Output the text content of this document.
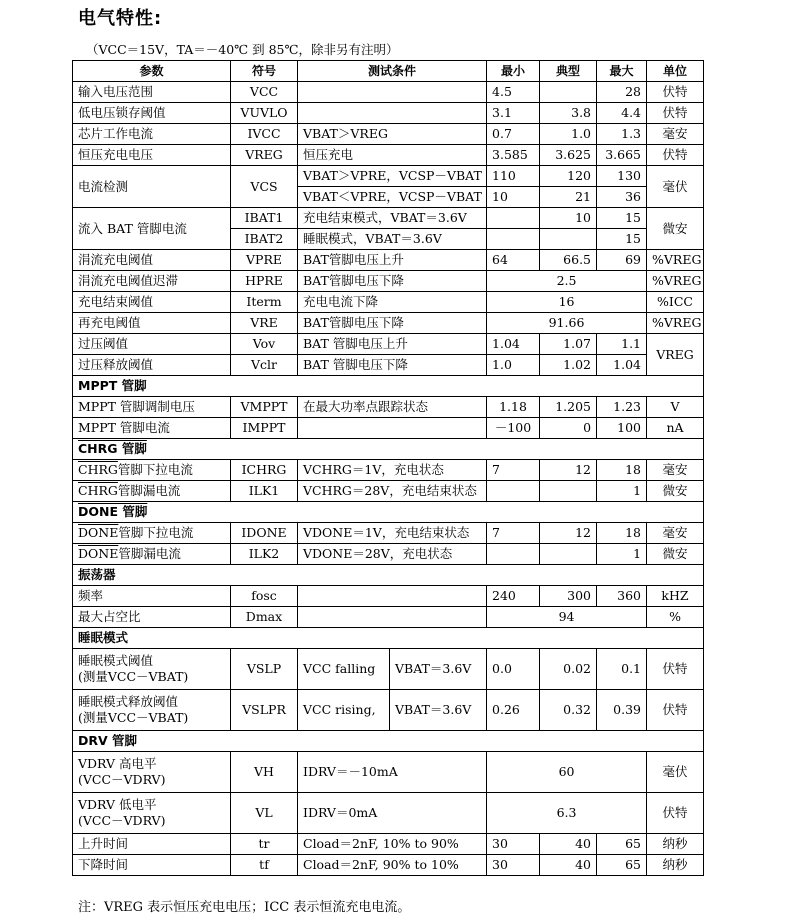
电气特性:
（VCC＝15V，TA＝－40℃ 到 85℃，除非另有注明）
参数	符号	测试条件		最小	典型	最大	单位
输入电压范围	VCC			4.5		28	伏特
低电压锁存阈值	VUVLO			3.1	3.8	4.4	伏特
芯片工作电流	IVCC	VBAT＞VREG		0.7	1.0	1.3	毫安
恒压充电电压	VREG	恒压充电		3.585	3.625	3.665	伏特
电流检测	VCS	VBAT＞VPRE，VCSP－VBAT		110	120	130	毫伏
		VBAT＜VPRE，VCSP－VBAT		10	21	36	
流入 BAT 管脚电流	IBAT1	充电结束模式，VBAT＝3.6V			10	15	微安
	IBAT2	睡眠模式，VBAT＝3.6V				15	
涓流充电阈值	VPRE	BAT管脚电压上升		64	66.5	69	%VREG
涓流充电阈值迟滞	HPRE	BAT管脚电压下降		2.5			%VREG
充电结束阈值	Iterm	充电电流下降		16			%ICC
再充电阈值	VRE	BAT管脚电压下降		91.66			%VREG
过压阈值	Vov	BAT 管脚电压上升		1.04	1.07	1.1	VREG
过压释放阈值	Vclr	BAT 管脚电压下降		1.0	1.02	1.04	
MPPT 管脚							
MPPT 管脚调制电压	VMPPT	在最大功率点跟踪状态		1.18	1.205	1.23	V
MPPT 管脚电流	IMPPT			－100	0	100	nA
CHRG 管脚							
CHRG管脚下拉电流	ICHRG	VCHRG＝1V，充电状态		7	12	18	毫安
CHRG管脚漏电流	ILK1	VCHRG＝28V，充电结束状态				1	微安
DONE 管脚							
DONE管脚下拉电流	IDONE	VDONE＝1V，充电结束状态		7	12	18	毫安
DONE管脚漏电流	ILK2	VDONE＝28V，充电状态				1	微安
振荡器							
频率	fosc			240	300	360	kHZ
最大占空比	Dmax			94			%
睡眠模式							

睡眠模式阈值
(测量VCC－VBAT)	VSLP	VCC falling	VBAT＝3.6V	0.0	0.02	0.1	伏特

睡眠模式释放阈值
(测量VCC－VBAT)	VSLPR	VCC rising,	VBAT＝3.6V	0.26	0.32	0.39	伏特
DRV 管脚							

VDRV 高电平
(VCC－VDRV)	VH	IDRV＝－10mA		60			毫伏

VDRV 低电平
(VCC－VDRV)	VL	IDRV＝0mA		6.3			伏特
上升时间	tr	Cload＝2nF, 10% to 90%		30	40	65	纳秒
下降时间	tf	Cload＝2nF, 90% to 10%		30	40	65	纳秒
注：VREG 表示恒压充电电压；ICC 表示恒流充电电流。
